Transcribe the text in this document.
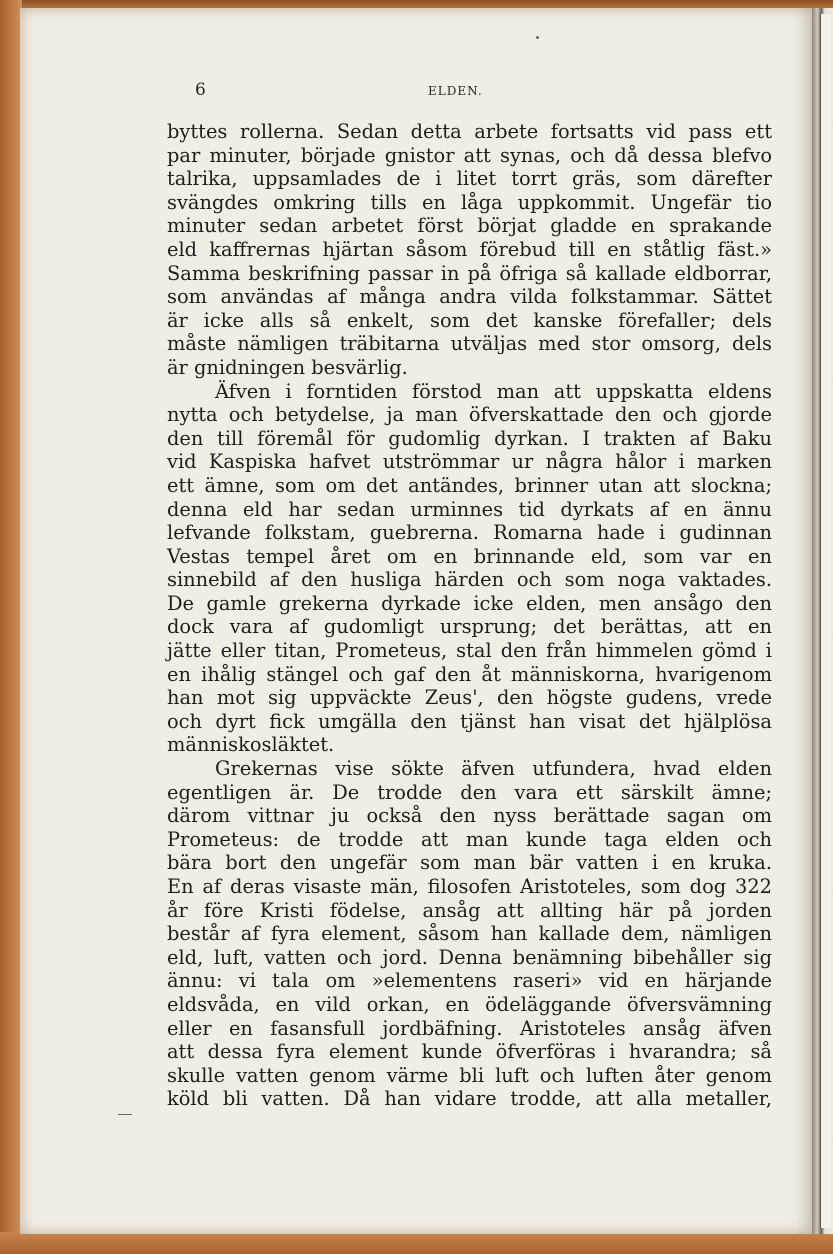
6	ELDEN.
byttes rollerna. Sedan detta arbete fortsatts vid pass ett
par minuter, började gnistor att synas, och då dessa blefvo
talrika, uppsamlades de i litet torrt gräs, som därefter
svängdes omkring tills en låga uppkommit. Ungefär tio
minuter sedan arbetet först börjat gladde en sprakande
eld kaffrernas hjärtan såsom förebud till en ståtlig fäst.»
Samma beskrifning passar in på öfriga så kallade eldborrar,
som användas af många andra vilda folkstammar. Sättet
är icke alls så enkelt, som det kanske förefaller; dels
måste nämligen träbitarna utväljas med stor omsorg, dels
är gnidningen besvärlig.
Äfven i forntiden förstod man att uppskatta eldens
nytta och betydelse, ja man öfverskattade den och gjorde
den till föremål för gudomlig dyrkan. I trakten af Baku
vid Kaspiska hafvet utströmmar ur några hålor i marken
ett ämne, som om det antändes, brinner utan att slockna;
denna eld har sedan urminnes tid dyrkats af en ännu
lefvande folkstam, guebrerna. Romarna hade i gudinnan
Vestas tempel året om en brinnande eld, som var en
sinnebild af den husliga härden och som noga vaktades.
De gamle grekerna dyrkade icke elden, men ansågo den
dock vara af gudomligt ursprung; det berättas, att en
jätte eller titan, Prometeus, stal den från himmelen gömd i
en ihålig stängel och gaf den åt människorna, hvarigenom
han mot sig uppväckte Zeus', den högste gudens, vrede
och dyrt fick umgälla den tjänst han visat det hjälplösa
människosläktet.
Grekernas vise sökte äfven utfundera, hvad elden
egentligen är. De trodde den vara ett särskilt ämne;
därom vittnar ju också den nyss berättade sagan om
Prometeus: de trodde att man kunde taga elden och
bära bort den ungefär som man bär vatten i en kruka.
En af deras visaste män, filosofen Aristoteles, som dog 322
år före Kristi födelse, ansåg att allting här på jorden
består af fyra element, såsom han kallade dem, nämligen
eld, luft, vatten och jord. Denna benämning bibehåller sig
ännu: vi tala om »elementens raseri» vid en härjande
eldsvåda, en vild orkan, en ödeläggande öfversvämning
eller en fasansfull jordbäfning. Aristoteles ansåg äfven
att dessa fyra element kunde öfverföras i hvarandra; så
skulle vatten genom värme bli luft och luften åter genom
köld bli vatten. Då han vidare trodde, att alla metaller,
